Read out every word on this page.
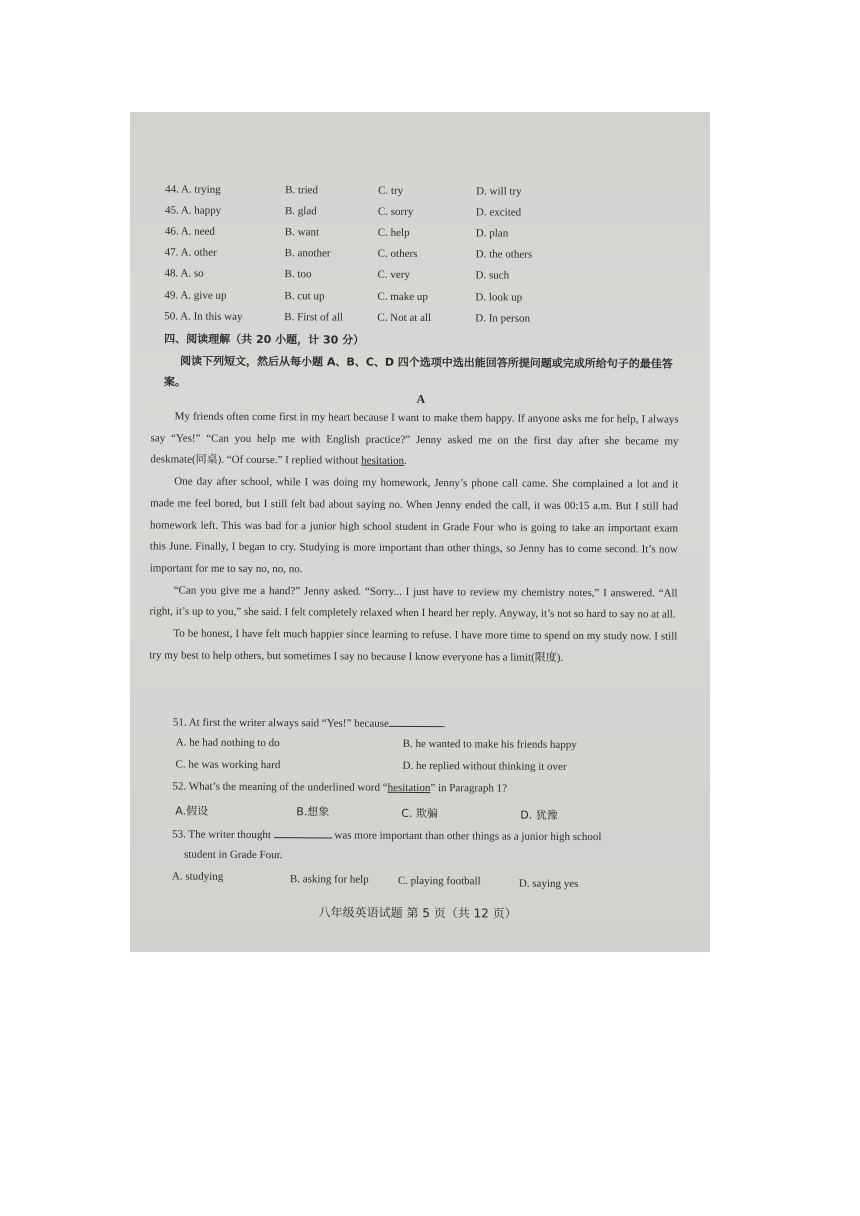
44. A. trying	B. tried	C. try	D. will try
45. A. happy	B. glad	C. sorry	D. excited
46. A. need	B. want	C. help	D. plan
47. A. other	B. another	C. others	D. the others
48. A. so	B. too	C. very	D. such
49. A. give up	B. cut up	C. make up	D. look up
50. A. In this way	B. First of all	C. Not at all	D. In person
四、阅读理解（共 20 小题，计 30 分）
阅读下列短文，然后从每小题 A、B、C、D 四个选项中选出能回答所提问题或完成所给句子的最佳答案。
A

My friends often come first in my heart because I want to make them happy. If anyone asks me for help, I always say “Yes!” “Can you help me with English practice?” Jenny asked me on the first day after she became my deskmate(同桌). “Of course.” I replied without hesitation.

One day after school, while I was doing my homework, Jenny’s phone call came. She complained a lot and it made me feel bored, but I still felt bad about saying no. When Jenny ended the call, it was 00:15 a.m. But I still had homework left. This was bad for a junior high school student in Grade Four who is going to take an important exam this June. Finally, I began to cry. Studying is more important than other things, so Jenny has to come second. It’s now important for me to say no, no, no.

“Can you give me a hand?” Jenny asked. “Sorry... I just have to review my chemistry notes,” I answered. “All right, it’s up to you,” she said. I felt completely relaxed when I heard her reply. Anyway, it’s not so hard to say no at all.

To be honest, I have felt much happier since learning to refuse. I have more time to spend on my study now. I still try my best to help others, but sometimes I say no because I know everyone has a limit(限度).

51. At first the writer always said “Yes!” because	.
A. he had nothing to do	B. he wanted to make his friends happy
C. he was working hard	D. he replied without thinking it over
52. What’s the meaning of the underlined word “hesitation” in Paragraph 1?
A.假设	B.想象	C. 欺骗	D. 犹豫
53. The writer thought	was more important than other things as a junior high school
student in Grade Four.
A. studying	B. asking for help	C. playing football	D. saying yes
八年级英语试题 第 5 页（共 12 页）
